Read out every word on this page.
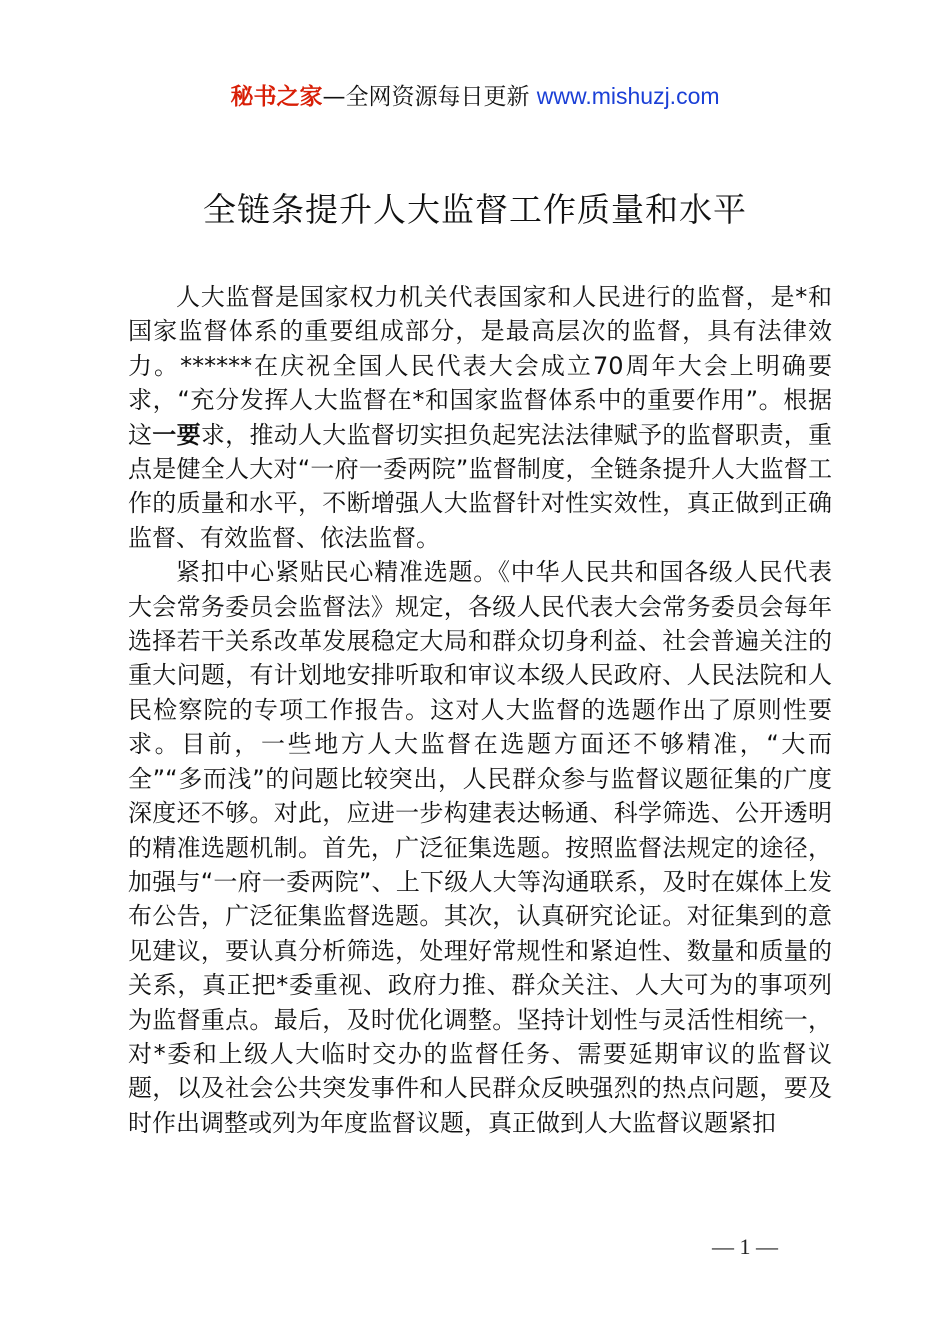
秘书之家—全网资源每日更新 www.mishuzj.com
全链条提升人大监督工作质量和水平

人大监督是国家权力机关代表国家和人民进行的监督，是*和国家监督体系的重要组成部分，是最高层次的监督，具有法律效力。******在庆祝全国人民代表大会成立70周年大会上明确要求，“充分发挥人大监督在*和国家监督体系中的重要作用”。根据这一要求，推动人大监督切实担负起宪法法律赋予的监督职责，重点是健全人大对“一府一委两院”监督制度，全链条提升人大监督工作的质量和水平，不断增强人大监督针对性实效性，真正做到正确监督、有效监督、依法监督。

紧扣中心紧贴民心精准选题。《中华人民共和国各级人民代表大会常务委员会监督法》规定，各级人民代表大会常务委员会每年选择若干关系改革发展稳定大局和群众切身利益、社会普遍关注的重大问题，有计划地安排听取和审议本级人民政府、人民法院和人民检察院的专项工作报告。这对人大监督的选题作出了原则性要求。目前，一些地方人大监督在选题方面还不够精准，“大而全”“多而浅”的问题比较突出，人民群众参与监督议题征集的广度深度还不够。对此，应进一步构建表达畅通、科学筛选、公开透明的精准选题机制。首先，广泛征集选题。按照监督法规定的途径，加强与“一府一委两院”、上下级人大等沟通联系，及时在媒体上发布公告，广泛征集监督选题。其次，认真研究论证。对征集到的意见建议，要认真分析筛选，处理好常规性和紧迫性、数量和质量的关系，真正把*委重视、政府力推、群众关注、人大可为的事项列为监督重点。最后，及时优化调整。坚持计划性与灵活性相统一，对*委和上级人大临时交办的监督任务、需要延期审议的监督议题，以及社会公共突发事件和人民群众反映强烈的热点问题，要及时作出调整或列为年度监督议题，真正做到人大监督议题紧扣

— 1 —
